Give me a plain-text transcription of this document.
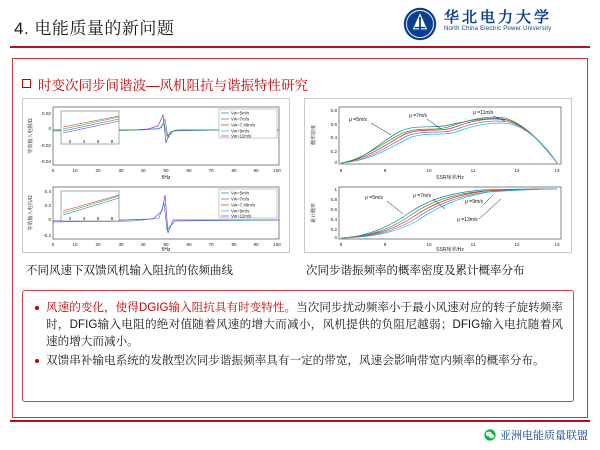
4. 电能质量的新问题
华北电力大学
North China Electric Power University
时变次同步间谐波—风机阻抗与谐振特性研究
0.02
0
-0.02
-0.04
0	10	20	30	40	50	60	70	80	90	100
f/Hz
等效输入电阻/Ω	2 4 6 8
Vw=5m/s
Vw=7m/s
Vw=7.49m/s
Vw=9m/s
Vw=11m/s
0.4
0.2
0
-0.2
0	10	20	30	40	50	60	70	80	90	100
f/Hz
等效输入电抗/Ω	2 4 6 8
Vw=5m/s
Vw=7m/s
Vw=7.49m/s
Vw=9m/s
Vw=11m/s
0.8
0.6
0.4
0.2
0
8	9	10	11	12	13
SSR频率/Hz
概率密度
μ =5m/s
μ =7m/s	μ =11m/s
1
0.8
0.6
0.4
0.2
0
8	9	10	11	12	13
SSR频率/Hz
累计概率
μ =5m/s	μ =7m/s
μ =9m/s
μ =13m/s
不同风速下双馈风机输入阻抗的依频曲线	次同步谐振频率的概率密度及累计概率分布
风速的变化，使得DGIG输入阻抗具有时变特性。当次同步扰动频率小于最小风速对应的转子旋转频率时，DFIG输入电阻的绝对值随着风速的增大而减小，风机提供的负阻尼越弱；DFIG输入电抗随着风速的增大而减小。
双馈串补输电系统的发散型次同步谐振频率具有一定的带宽，风速会影响带宽内频率的概率分布。
亚洲电能质量联盟
